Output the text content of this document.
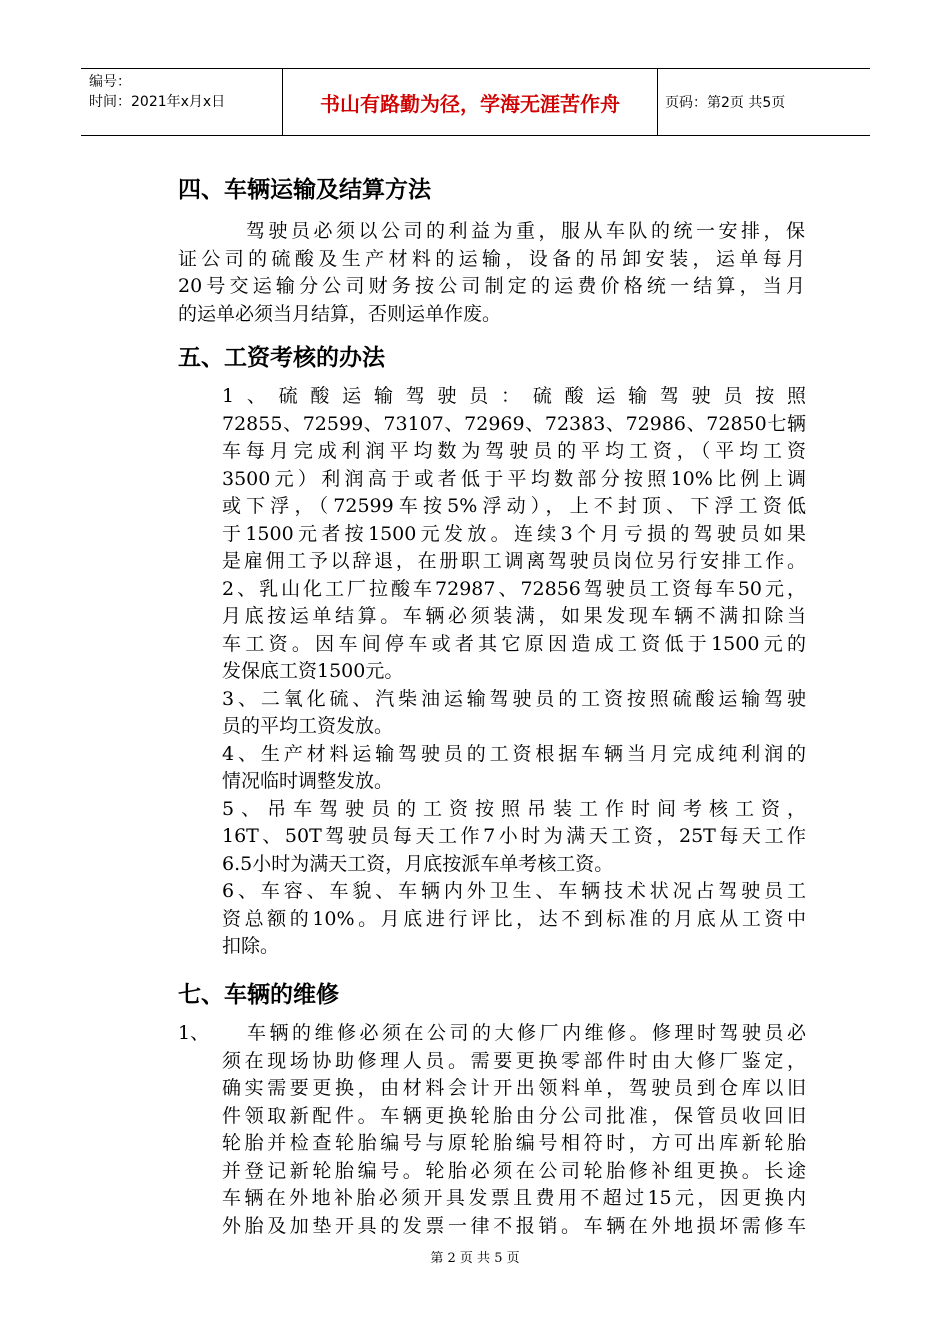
编号：
时间：2021年x月x日	书山有路勤为径，学海无涯苦作舟	页码：第2页 共5页
四、车辆运输及结算方法
驾驶员必须以公司的利益为重，服从车队的统一安排，保
证公司的硫酸及生产材料的运输，设备的吊卸安装，运单每月
20号交运输分公司财务按公司制定的运费价格统一结算，当月
的运单必须当月结算，否则运单作废。
五、工资考核的办法
1、硫酸运输驾驶员：硫酸运输驾驶员按照
72855、72599、73107、72969、72383、72986、72850七辆
车每月完成利润平均数为驾驶员的平均工资，（平均工资
3500元）利润高于或者低于平均数部分按照10%比例上调
或下浮，（72599车按5%浮动），上不封顶、下浮工资低
于1500元者按1500元发放。连续3个月亏损的驾驶员如果
是雇佣工予以辞退，在册职工调离驾驶员岗位另行安排工作。
2、乳山化工厂拉酸车72987、72856驾驶员工资每车50元，
月底按运单结算。车辆必须装满，如果发现车辆不满扣除当
车工资。因车间停车或者其它原因造成工资低于1500元的
发保底工资1500元。
3、二氧化硫、汽柴油运输驾驶员的工资按照硫酸运输驾驶
员的平均工资发放。
4、生产材料运输驾驶员的工资根据车辆当月完成纯利润的
情况临时调整发放。
5、吊车驾驶员的工资按照吊装工作时间考核工资，
16T、50T驾驶员每天工作7小时为满天工资，25T每天工作
6.5小时为满天工资，月底按派车单考核工资。
6、车容、车貌、车辆内外卫生、车辆技术状况占驾驶员工
资总额的10%。月底进行评比，达不到标准的月底从工资中
扣除。
七、车辆的维修
1、	车辆的维修必须在公司的大修厂内维修。修理时驾驶员必
须在现场协助修理人员。需要更换零部件时由大修厂鉴定，
确实需要更换，由材料会计开出领料单，驾驶员到仓库以旧
件领取新配件。车辆更换轮胎由分公司批准，保管员收回旧
轮胎并检查轮胎编号与原轮胎编号相符时，方可出库新轮胎
并登记新轮胎编号。轮胎必须在公司轮胎修补组更换。长途
车辆在外地补胎必须开具发票且费用不超过15元，因更换内
外胎及加垫开具的发票一律不报销。车辆在外地损坏需修车
第 2 页 共 5 页
